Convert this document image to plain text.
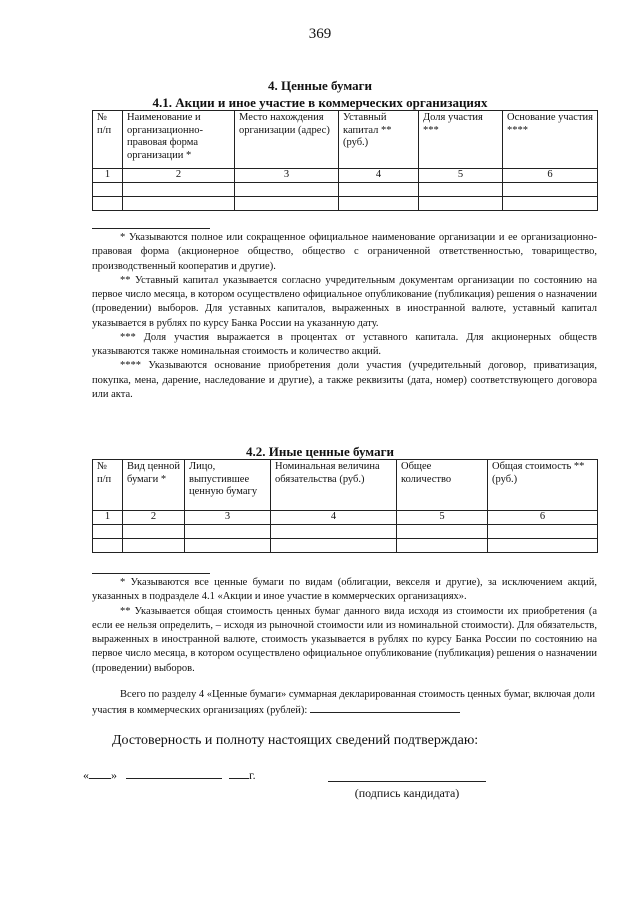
369
4. Ценные бумаги
4.1. Акции и иное участие в коммерческих организациях
№
п/п	Наименование и организационно-правовая форма организации *	Место нахождения организации (адрес)	Уставный капитал ** (руб.)	Доля участия ***	Основание участия ****
1	2	3	4	5	6

* Указываются полное или сокращенное официальное наименование организации и ее организационно-правовая форма (акционерное общество, общество с ограниченной ответственностью, товарищество, производственный кооператив и другие).

** Уставный капитал указывается согласно учредительным документам организации по состоянию на первое число месяца, в котором осуществлено официальное опубликование (публикация) решения о назначении (проведении) выборов. Для уставных капиталов, выраженных в иностранной валюте, уставный капитал указывается в рублях по курсу Банка России на указанную дату.

*** Доля участия выражается в процентах от уставного капитала. Для акционерных обществ указываются также номинальная стоимость и количество акций.

**** Указываются основание приобретения доли участия (учредительный договор, приватизация, покупка, мена, дарение, наследование и другие), а также реквизиты (дата, номер) соответствующего договора или акта.

4.2. Иные ценные бумаги
№
п/п	Вид ценной бумаги *	Лицо, выпустившее ценную бумагу	Номинальная величина обязательства (руб.)	Общее количество	Общая стоимость ** (руб.)
1	2	3	4	5	6

* Указываются все ценные бумаги по видам (облигации, векселя и другие), за исключением акций, указанных в подразделе 4.1 «Акции и иное участие в коммерческих организациях».

** Указывается общая стоимость ценных бумаг данного вида исходя из стоимости их приобретения (а если ее нельзя определить, – исходя из рыночной стоимости или из номинальной стоимости). Для обязательств, выраженных в иностранной валюте, стоимость указывается в рублях по курсу Банка России по состоянию на первое число месяца, в котором осуществлено официальное опубликование (публикация) решения о назначении (проведении) выборов.

Всего по разделу 4 «Ценные бумаги» суммарная декларированная стоимость ценных бумаг, включая доли участия в коммерческих организациях (рублей):

Достоверность и полноту настоящих сведений подтверждаю:
« »	г.
(подпись кандидата)
